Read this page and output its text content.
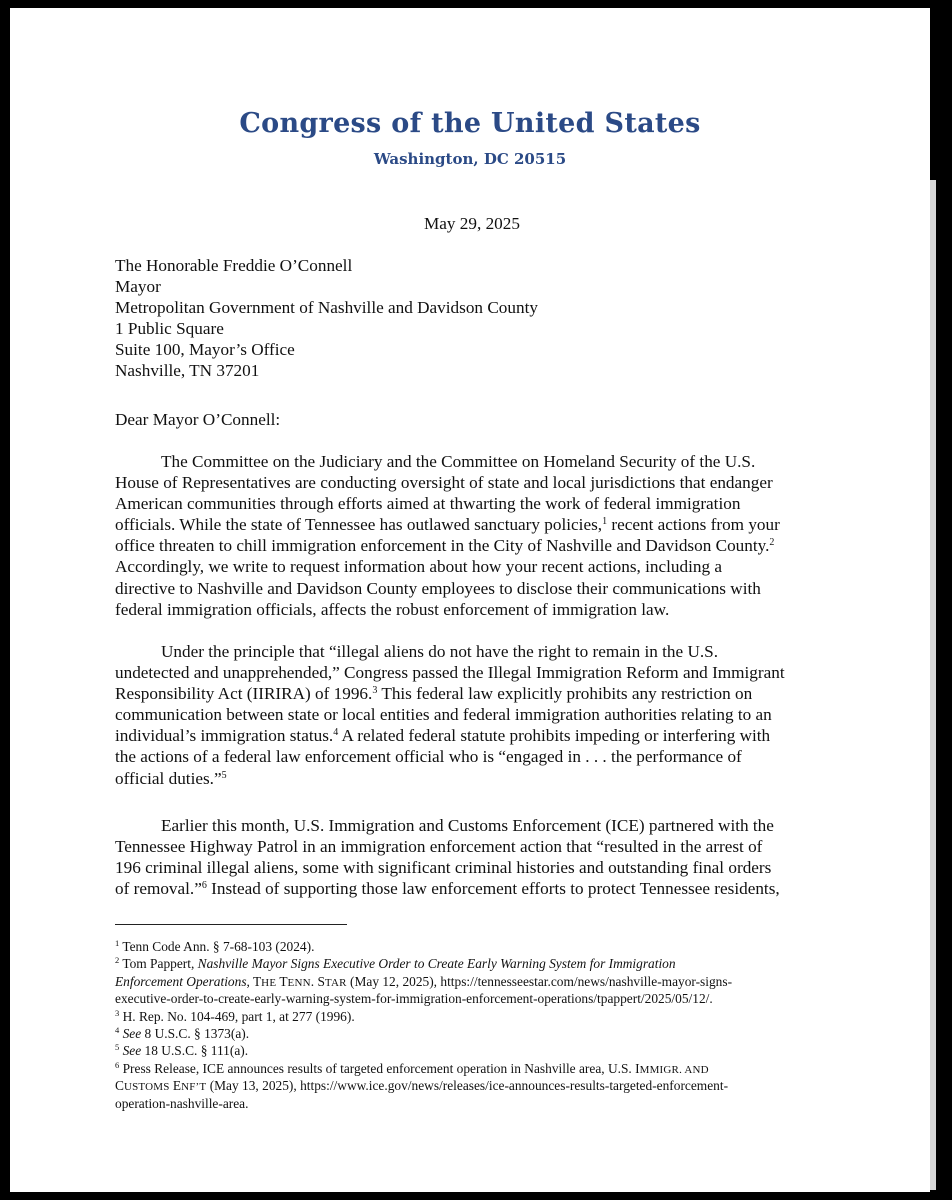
Congress of the United States
Washington, DC 20515
May 29, 2025
The Honorable Freddie O’Connell
Mayor
Metropolitan Government of Nashville and Davidson County
1 Public Square
Suite 100, Mayor’s Office
Nashville, TN 37201
Dear Mayor O’Connell:
The Committee on the Judiciary and the Committee on Homeland Security of the U.S.
House of Representatives are conducting oversight of state and local jurisdictions that endanger
American communities through efforts aimed at thwarting the work of federal immigration
officials. While the state of Tennessee has outlawed sanctuary policies,$^1$ recent actions from your
office threaten to chill immigration enforcement in the City of Nashville and Davidson County.$^2$
Accordingly, we write to request information about how your recent actions, including a
directive to Nashville and Davidson County employees to disclose their communications with
federal immigration officials, affects the robust enforcement of immigration law.
Under the principle that “illegal aliens do not have the right to remain in the U.S.
undetected and unapprehended,” Congress passed the Illegal Immigration Reform and Immigrant
Responsibility Act (IIRIRA) of 1996.$^3$ This federal law explicitly prohibits any restriction on
communication between state or local entities and federal immigration authorities relating to an
individual’s immigration status.$^4$ A related federal statute prohibits impeding or interfering with
the actions of a federal law enforcement official who is “engaged in . . . the performance of
official duties.”$^5$
Earlier this month, U.S. Immigration and Customs Enforcement (ICE) partnered with the
Tennessee Highway Patrol in an immigration enforcement action that “resulted in the arrest of
196 criminal illegal aliens, some with significant criminal histories and outstanding final orders
of removal.”$^6$ Instead of supporting those law enforcement efforts to protect Tennessee residents,
$^1$ Tenn Code Ann. § 7-68-103 (2024).
$^2$ Tom Pappert, Nashville Mayor Signs Executive Order to Create Early Warning System for Immigration
Enforcement Operations, THE TENN. STAR (May 12, 2025), https://tennesseestar.com/news/nashville-mayor-signs-
executive-order-to-create-early-warning-system-for-immigration-enforcement-operations/tpappert/2025/05/12/.
$^3$ H. Rep. No. 104-469, part 1, at 277 (1996).
$^4$ See 8 U.S.C. § 1373(a).
$^5$ See 18 U.S.C. § 111(a).
$^6$ Press Release, ICE announces results of targeted enforcement operation in Nashville area, U.S. IMMIGR. AND
CUSTOMS ENF’T (May 13, 2025), https://www.ice.gov/news/releases/ice-announces-results-targeted-enforcement-
operation-nashville-area.
